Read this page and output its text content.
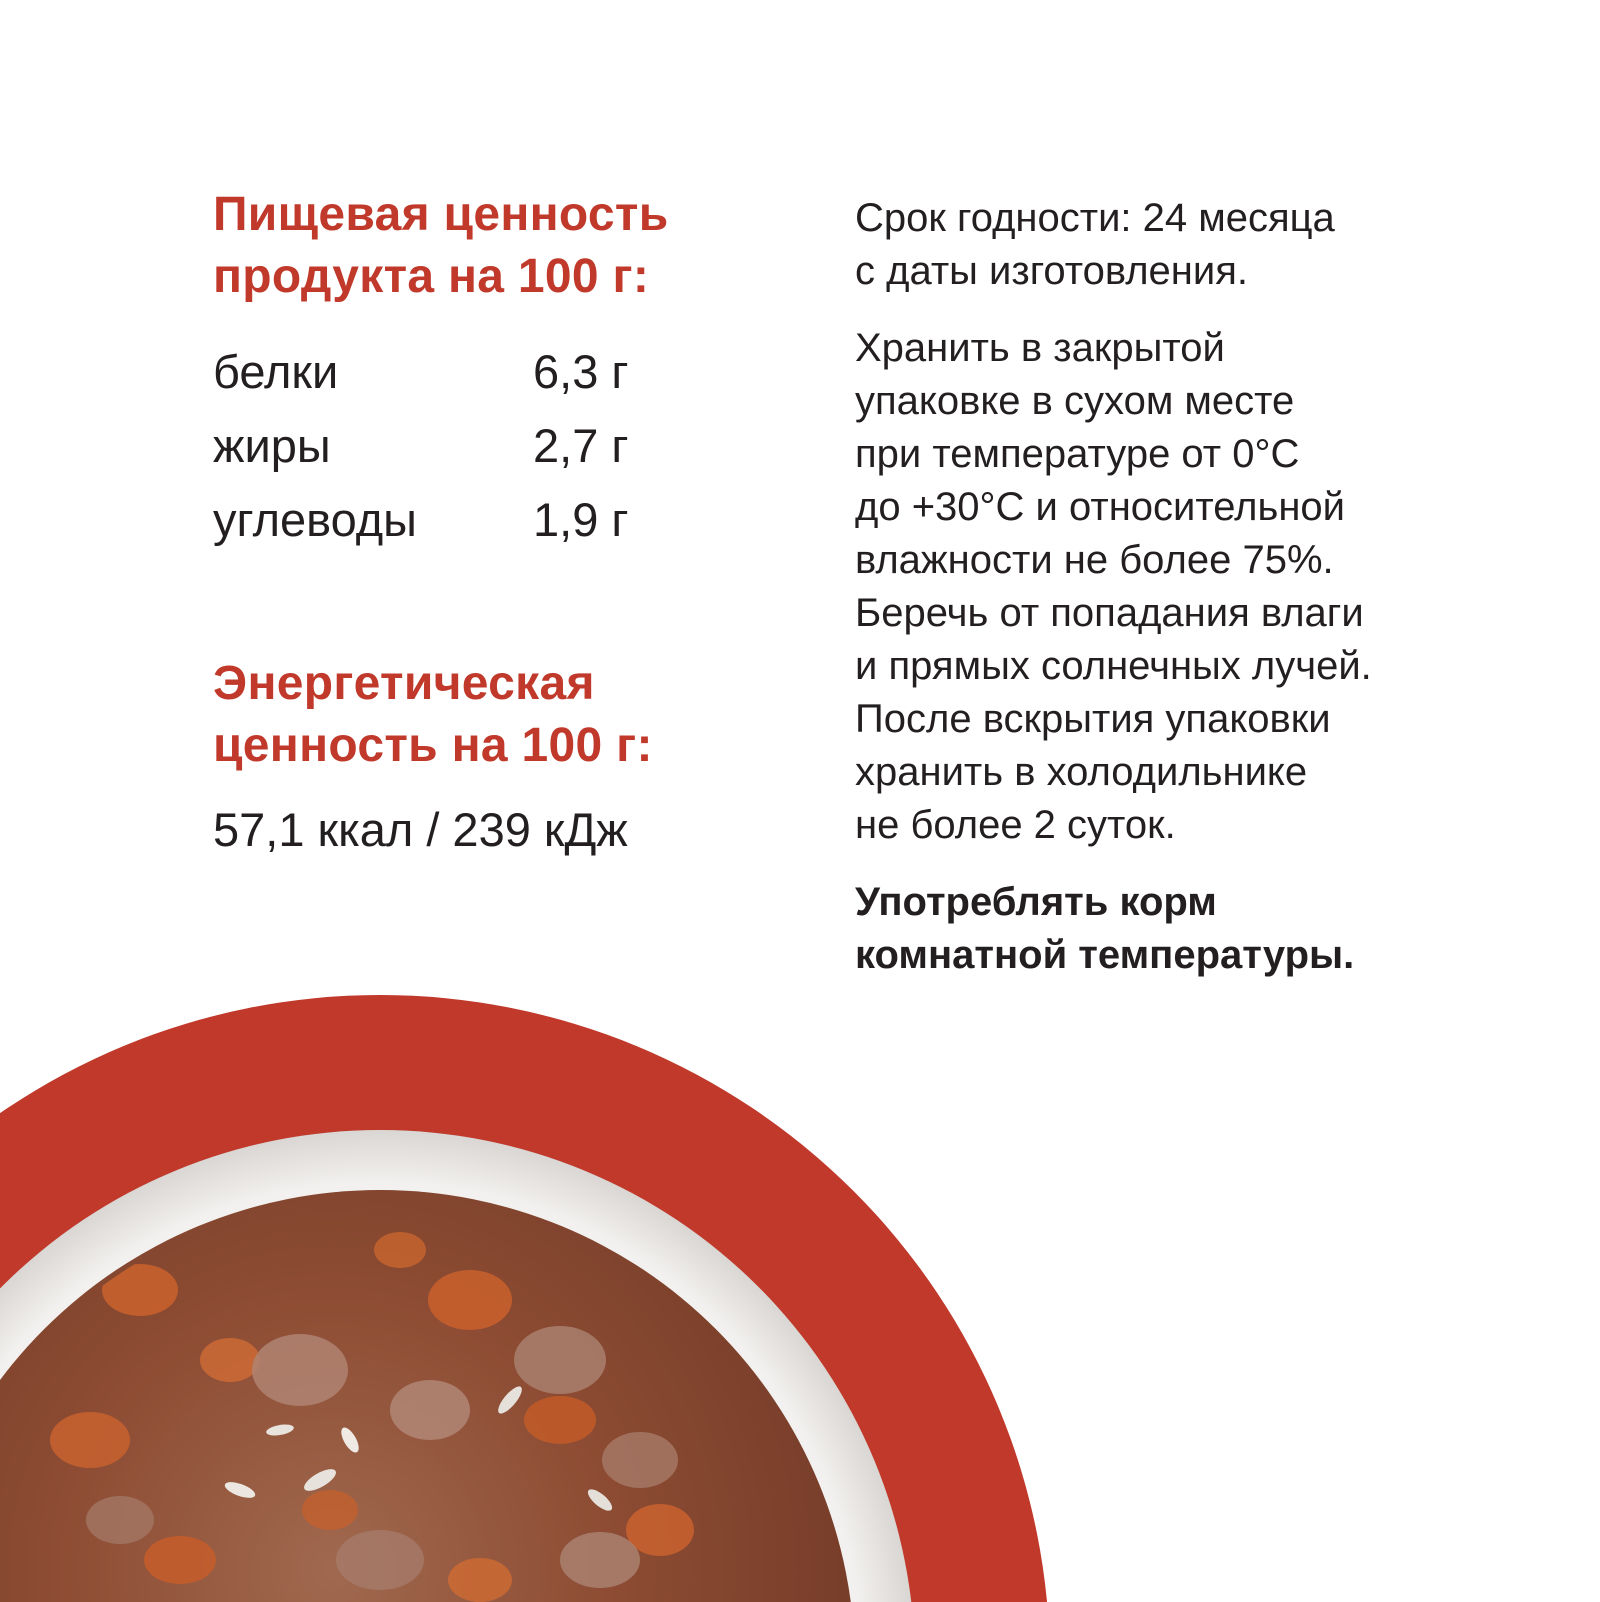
Пищевая ценность
продукта на 100 г:
белки	6,3 г
жиры	2,7 г
углеводы	1,9 г
Энергетическая
ценность на 100 г:
57,1 ккал / 239 кДж

Срок годности: 24 месяца
с даты изготовления.

Хранить в закрытой
упаковке в сухом месте
при температуре от 0°С
до +30°С и относительной
влажности не более 75%.
Беречь от попадания влаги
и прямых солнечных лучей.
После вскрытия упаковки
хранить в холодильнике
не более 2 суток.

Употреблять корм
комнатной температуры.
